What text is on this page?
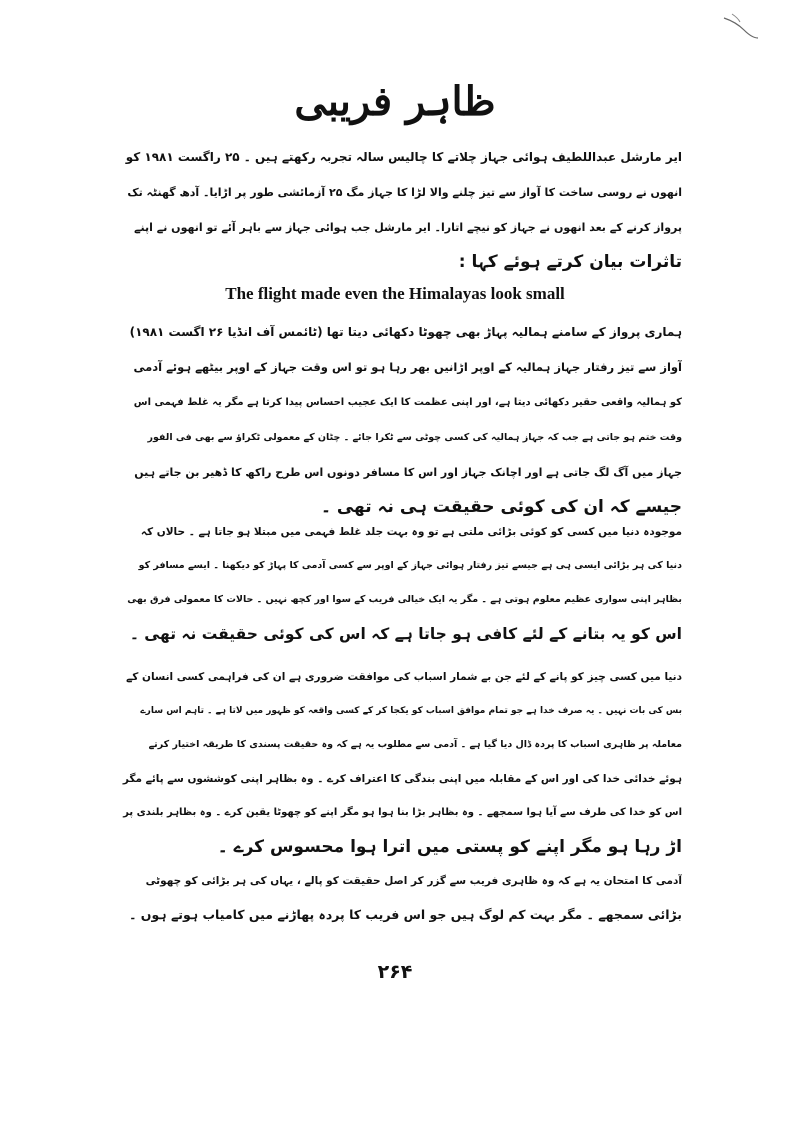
ظاہر فریبی
ایر مارشل عبداللطیف ہوائی جہاز چلاتے کا چالیس سالہ تجربہ رکھتے ہیں ۔ ۲۵ راگست ۱۹۸۱ کو
انھوں نے روسی ساخت کا آواز سے تیز چلنے والا لڑا کا جہاز مگ ۲۵ آزمائشی طور پر اڑایا۔ آدھ گھنٹہ تک
پرواز کرنے کے بعد انھوں نے جہاز کو نیچے اتارا۔ ایر مارشل جب ہوائی جہاز سے باہر آئے تو انھوں نے اپنے
تاثرات بیان کرتے ہوئے کہا :
The flight made even the Himalayas look small
ہماری پرواز کے سامنے ہمالیہ پہاڑ بھی چھوٹا دکھائی دیتا تھا (ٹائمس آف انڈیا ۲۶ اگست ۱۹۸۱)
آواز سے تیز رفتار جہاز ہمالیہ کے اوپر اڑانیں بھر رہا ہو تو اس وقت جہاز کے اوپر بیٹھے ہوئے آدمی
کو ہمالیہ واقعی حقیر دکھائی دیتا ہے، اور اپنی عظمت کا ایک عجیب احساس پیدا کرتا ہے مگر یہ غلط فہمی اس
وقت ختم ہو جاتی ہے جب کہ جہاز ہمالیہ کی کسی چوٹی سے ٹکرا جائے ۔ چٹان کے معمولی ٹکراؤ سے بھی فی الفور
جہاز میں آگ لگ جاتی ہے اور اچانک جہاز اور اس کا مسافر دونوں اس طرح راکھ کا ڈھیر بن جاتے ہیں
جیسے کہ ان کی کوئی حقیقت ہی نہ تھی ۔
موجودہ دنیا میں کسی کو کوئی بڑائی ملتی ہے تو وہ بہت جلد غلط فہمی میں مبتلا ہو جاتا ہے ۔ حالاں کہ
دنیا کی ہر بڑائی ایسی ہی ہے جیسے تیز رفتار ہوائی جہاز کے اوپر سے کسی آدمی کا پہاڑ کو دیکھنا ۔ ایسے مسافر کو
بظاہر اپنی سواری عظیم معلوم ہوتی ہے ۔ مگر یہ ایک خیالی فریب کے سوا اور کچھ نہیں ۔ حالات کا معمولی فرق بھی
اس کو یہ بتانے کے لئے کافی ہو جاتا ہے کہ اس کی کوئی حقیقت نہ تھی ۔
دنیا میں کسی چیز کو پانے کے لئے جن بے شمار اسباب کی موافقت ضروری ہے ان کی فراہمی کسی انسان کے
بس کی بات نہیں ۔ یہ صرف خدا ہے جو تمام موافق اسباب کو یکجا کر کے کسی واقعہ کو ظہور میں لاتا ہے ۔ تاہم اس سارے
معاملہ پر ظاہری اسباب کا پردہ ڈال دیا گیا ہے ۔ آدمی سے مطلوب یہ ہے کہ وہ حقیقت پسندی کا طریقہ اختیار کرتے
ہوئے خدائی خدا کی اور اس کے مقابلہ میں اپنی بندگی کا اعتراف کرے ۔ وہ بظاہر اپنی کوششوں سے پائے مگر
اس کو خدا کی طرف سے آیا ہوا سمجھے ۔ وہ بظاہر بڑا بنا ہوا ہو مگر اپنے کو چھوٹا یقین کرے ۔ وہ بظاہر بلندی پر
اڑ رہا ہو مگر اپنے کو پستی میں اترا ہوا محسوس کرے ۔
آدمی کا امتحان یہ ہے کہ وہ ظاہری فریب سے گزر کر اصل حقیقت کو پالے ، یہاں کی ہر بڑائی کو چھوٹی
بڑائی سمجھے ۔ مگر بہت کم لوگ ہیں جو اس فریب کا پردہ پھاڑنے میں کامیاب ہوتے ہوں ۔
۲۶۴
